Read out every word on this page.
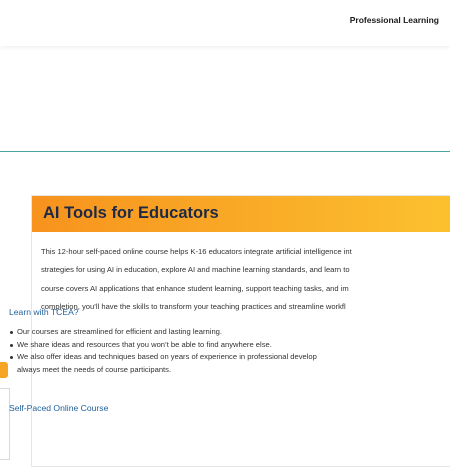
Professional Learning
AI Tools for Educators
This 12-hour self-paced online course helps K-16 educators integrate artificial intelligence int
strategies for using AI in education, explore AI and machine learning standards, and learn to
course covers AI applications that enhance student learning, support teaching tasks, and im
completion, you’ll have the skills to transform your teaching practices and streamline workfl
Learn with TCEA?
Our courses are streamlined for efficient and lasting learning.
We share ideas and resources that you won’t be able to find anywhere else.
We also offer ideas and techniques based on years of experience in professional develop
always meet the needs of course participants.
Self-Paced Online Course
